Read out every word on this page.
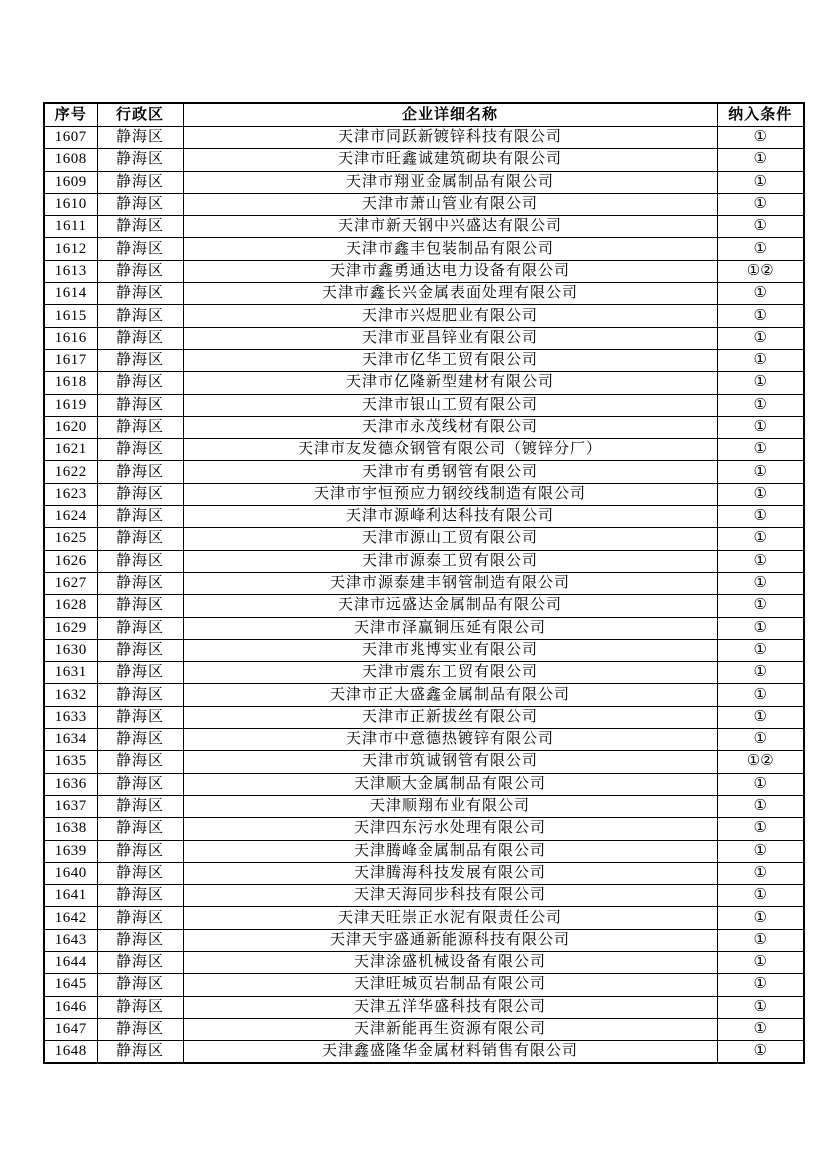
序号	行政区	企业详细名称	纳入条件
1607	静海区	天津市同跃新镀锌科技有限公司	①
1608	静海区	天津市旺鑫诚建筑砌块有限公司	①
1609	静海区	天津市翔亚金属制品有限公司	①
1610	静海区	天津市萧山管业有限公司	①
1611	静海区	天津市新天钢中兴盛达有限公司	①
1612	静海区	天津市鑫丰包装制品有限公司	①
1613	静海区	天津市鑫勇通达电力设备有限公司	①②
1614	静海区	天津市鑫长兴金属表面处理有限公司	①
1615	静海区	天津市兴煜肥业有限公司	①
1616	静海区	天津市亚昌锌业有限公司	①
1617	静海区	天津市亿华工贸有限公司	①
1618	静海区	天津市亿隆新型建材有限公司	①
1619	静海区	天津市银山工贸有限公司	①
1620	静海区	天津市永茂线材有限公司	①
1621	静海区	天津市友发德众钢管有限公司（镀锌分厂）	①
1622	静海区	天津市有勇钢管有限公司	①
1623	静海区	天津市宇恒预应力钢绞线制造有限公司	①
1624	静海区	天津市源峰利达科技有限公司	①
1625	静海区	天津市源山工贸有限公司	①
1626	静海区	天津市源泰工贸有限公司	①
1627	静海区	天津市源泰建丰钢管制造有限公司	①
1628	静海区	天津市远盛达金属制品有限公司	①
1629	静海区	天津市泽赢铜压延有限公司	①
1630	静海区	天津市兆博实业有限公司	①
1631	静海区	天津市震东工贸有限公司	①
1632	静海区	天津市正大盛鑫金属制品有限公司	①
1633	静海区	天津市正新拔丝有限公司	①
1634	静海区	天津市中意德热镀锌有限公司	①
1635	静海区	天津市筑诚钢管有限公司	①②
1636	静海区	天津顺大金属制品有限公司	①
1637	静海区	天津顺翔布业有限公司	①
1638	静海区	天津四东污水处理有限公司	①
1639	静海区	天津腾峰金属制品有限公司	①
1640	静海区	天津腾海科技发展有限公司	①
1641	静海区	天津天海同步科技有限公司	①
1642	静海区	天津天旺崇正水泥有限责任公司	①
1643	静海区	天津天宇盛通新能源科技有限公司	①
1644	静海区	天津涂盛机械设备有限公司	①
1645	静海区	天津旺城页岩制品有限公司	①
1646	静海区	天津五洋华盛科技有限公司	①
1647	静海区	天津新能再生资源有限公司	①
1648	静海区	天津鑫盛隆华金属材料销售有限公司	①
